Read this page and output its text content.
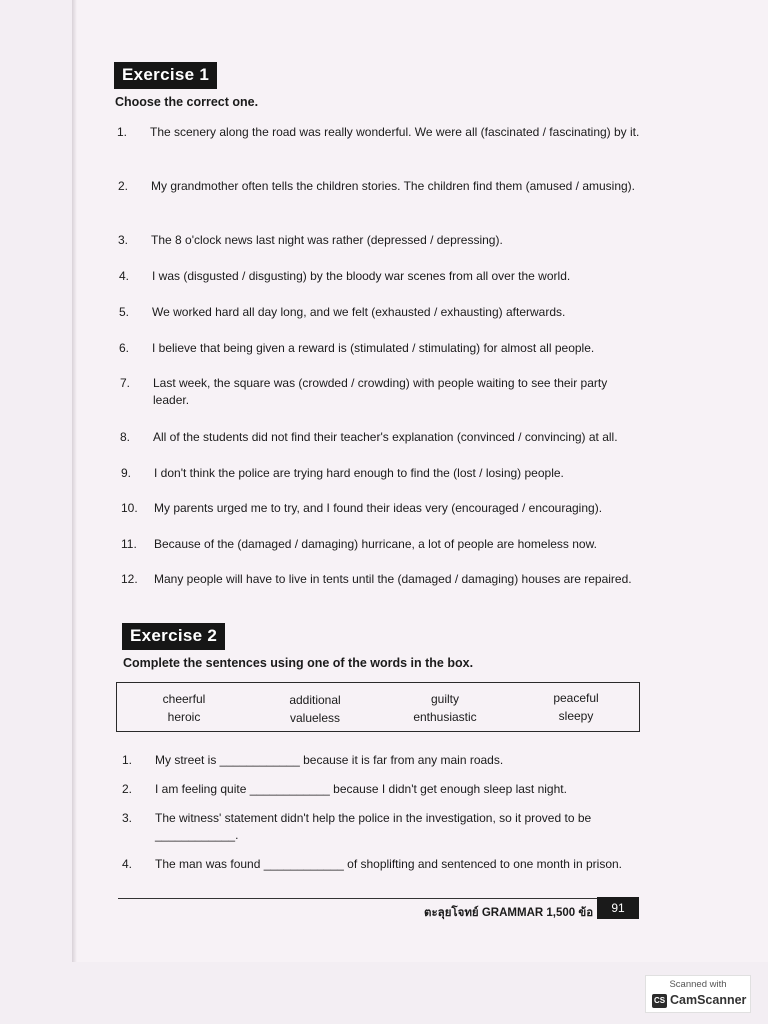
Exercise 1
Choose the correct one.
1.	The scenery along the road was really wonderful. We were all (fascinated / fascinating) by it.
2.	My grandmother often tells the children stories. The children find them (amused / amusing).
3.	The 8 o'clock news last night was rather (depressed / depressing).
4.	I was (disgusted / disgusting) by the bloody war scenes from all over the world.
5.	We worked hard all day long, and we felt (exhausted / exhausting) afterwards.
6.	I believe that being given a reward is (stimulated / stimulating) for almost all people.
7.	Last week, the square was (crowded / crowding) with people waiting to see their party leader.
8.	All of the students did not find their teacher's explanation (convinced / convincing) at all.
9.	I don't think the police are trying hard enough to find the (lost / losing) people.
10.	My parents urged me to try, and I found their ideas very (encouraged / encouraging).
11.	Because of the (damaged / damaging) hurricane, a lot of people are homeless now.
12.	Many people will have to live in tents until the (damaged / damaging) houses are repaired.
Exercise 2
Complete the sentences using one of the words in the box.
cheerful	additional	guilty	peaceful
heroic	valueless	enthusiastic	sleepy
1.	My street is ____________ because it is far from any main roads.
2.	I am feeling quite ____________ because I didn't get enough sleep last night.
3.	The witness' statement didn't help the police in the investigation, so it proved to be ____________.
4.	The man was found ____________ of shoplifting and sentenced to one month in prison.
ตะลุยโจทย์ GRAMMAR 1,500 ข้อ	91
Scanned with
CS CamScanner
